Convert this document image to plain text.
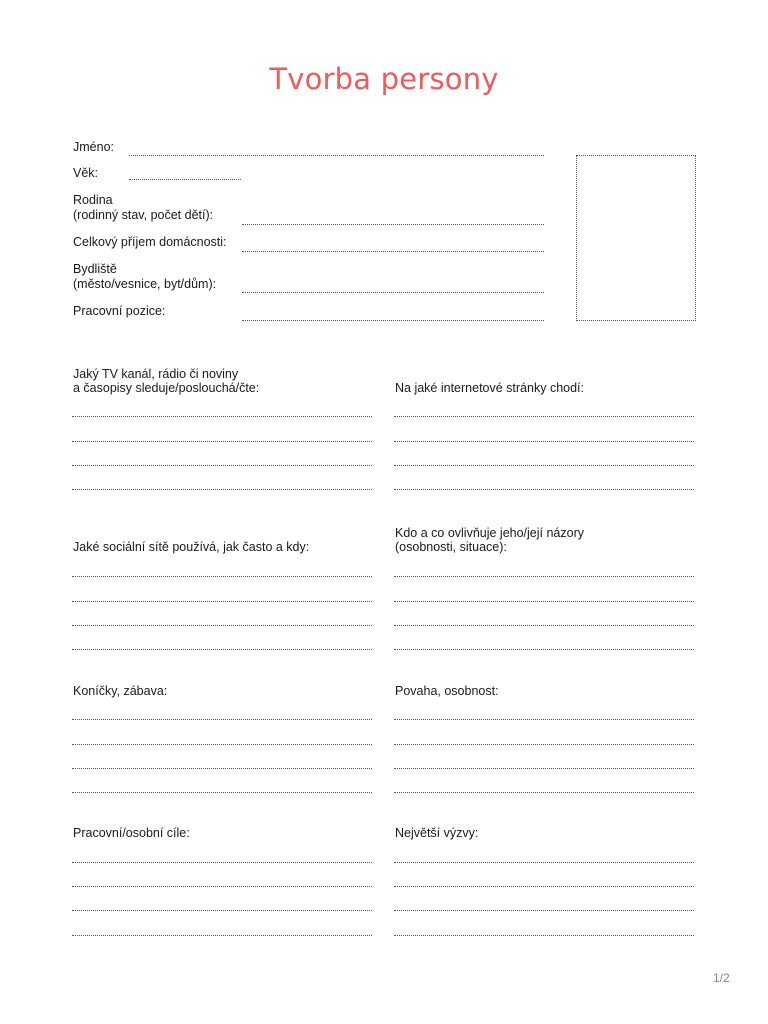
Tvorba persony
Jméno:
Věk:
Rodina
(rodinný stav, počet dětí):
Celkový příjem domácnosti:
Bydliště
(město/vesnice, byt/dům):
Pracovní pozice:
Jaký TV kanál, rádio či noviny
a časopisy sleduje/poslouchá/čte:	Na jaké internetové stránky chodí:
Jaké sociální sítě používá, jak často a kdy:
Kdo a co ovlivňuje jeho/její názory
(osobnosti, situace):
Koníčky, zábava:	Povaha, osobnost:
Pracovní/osobní cíle:	Největší výzvy:
1/2
